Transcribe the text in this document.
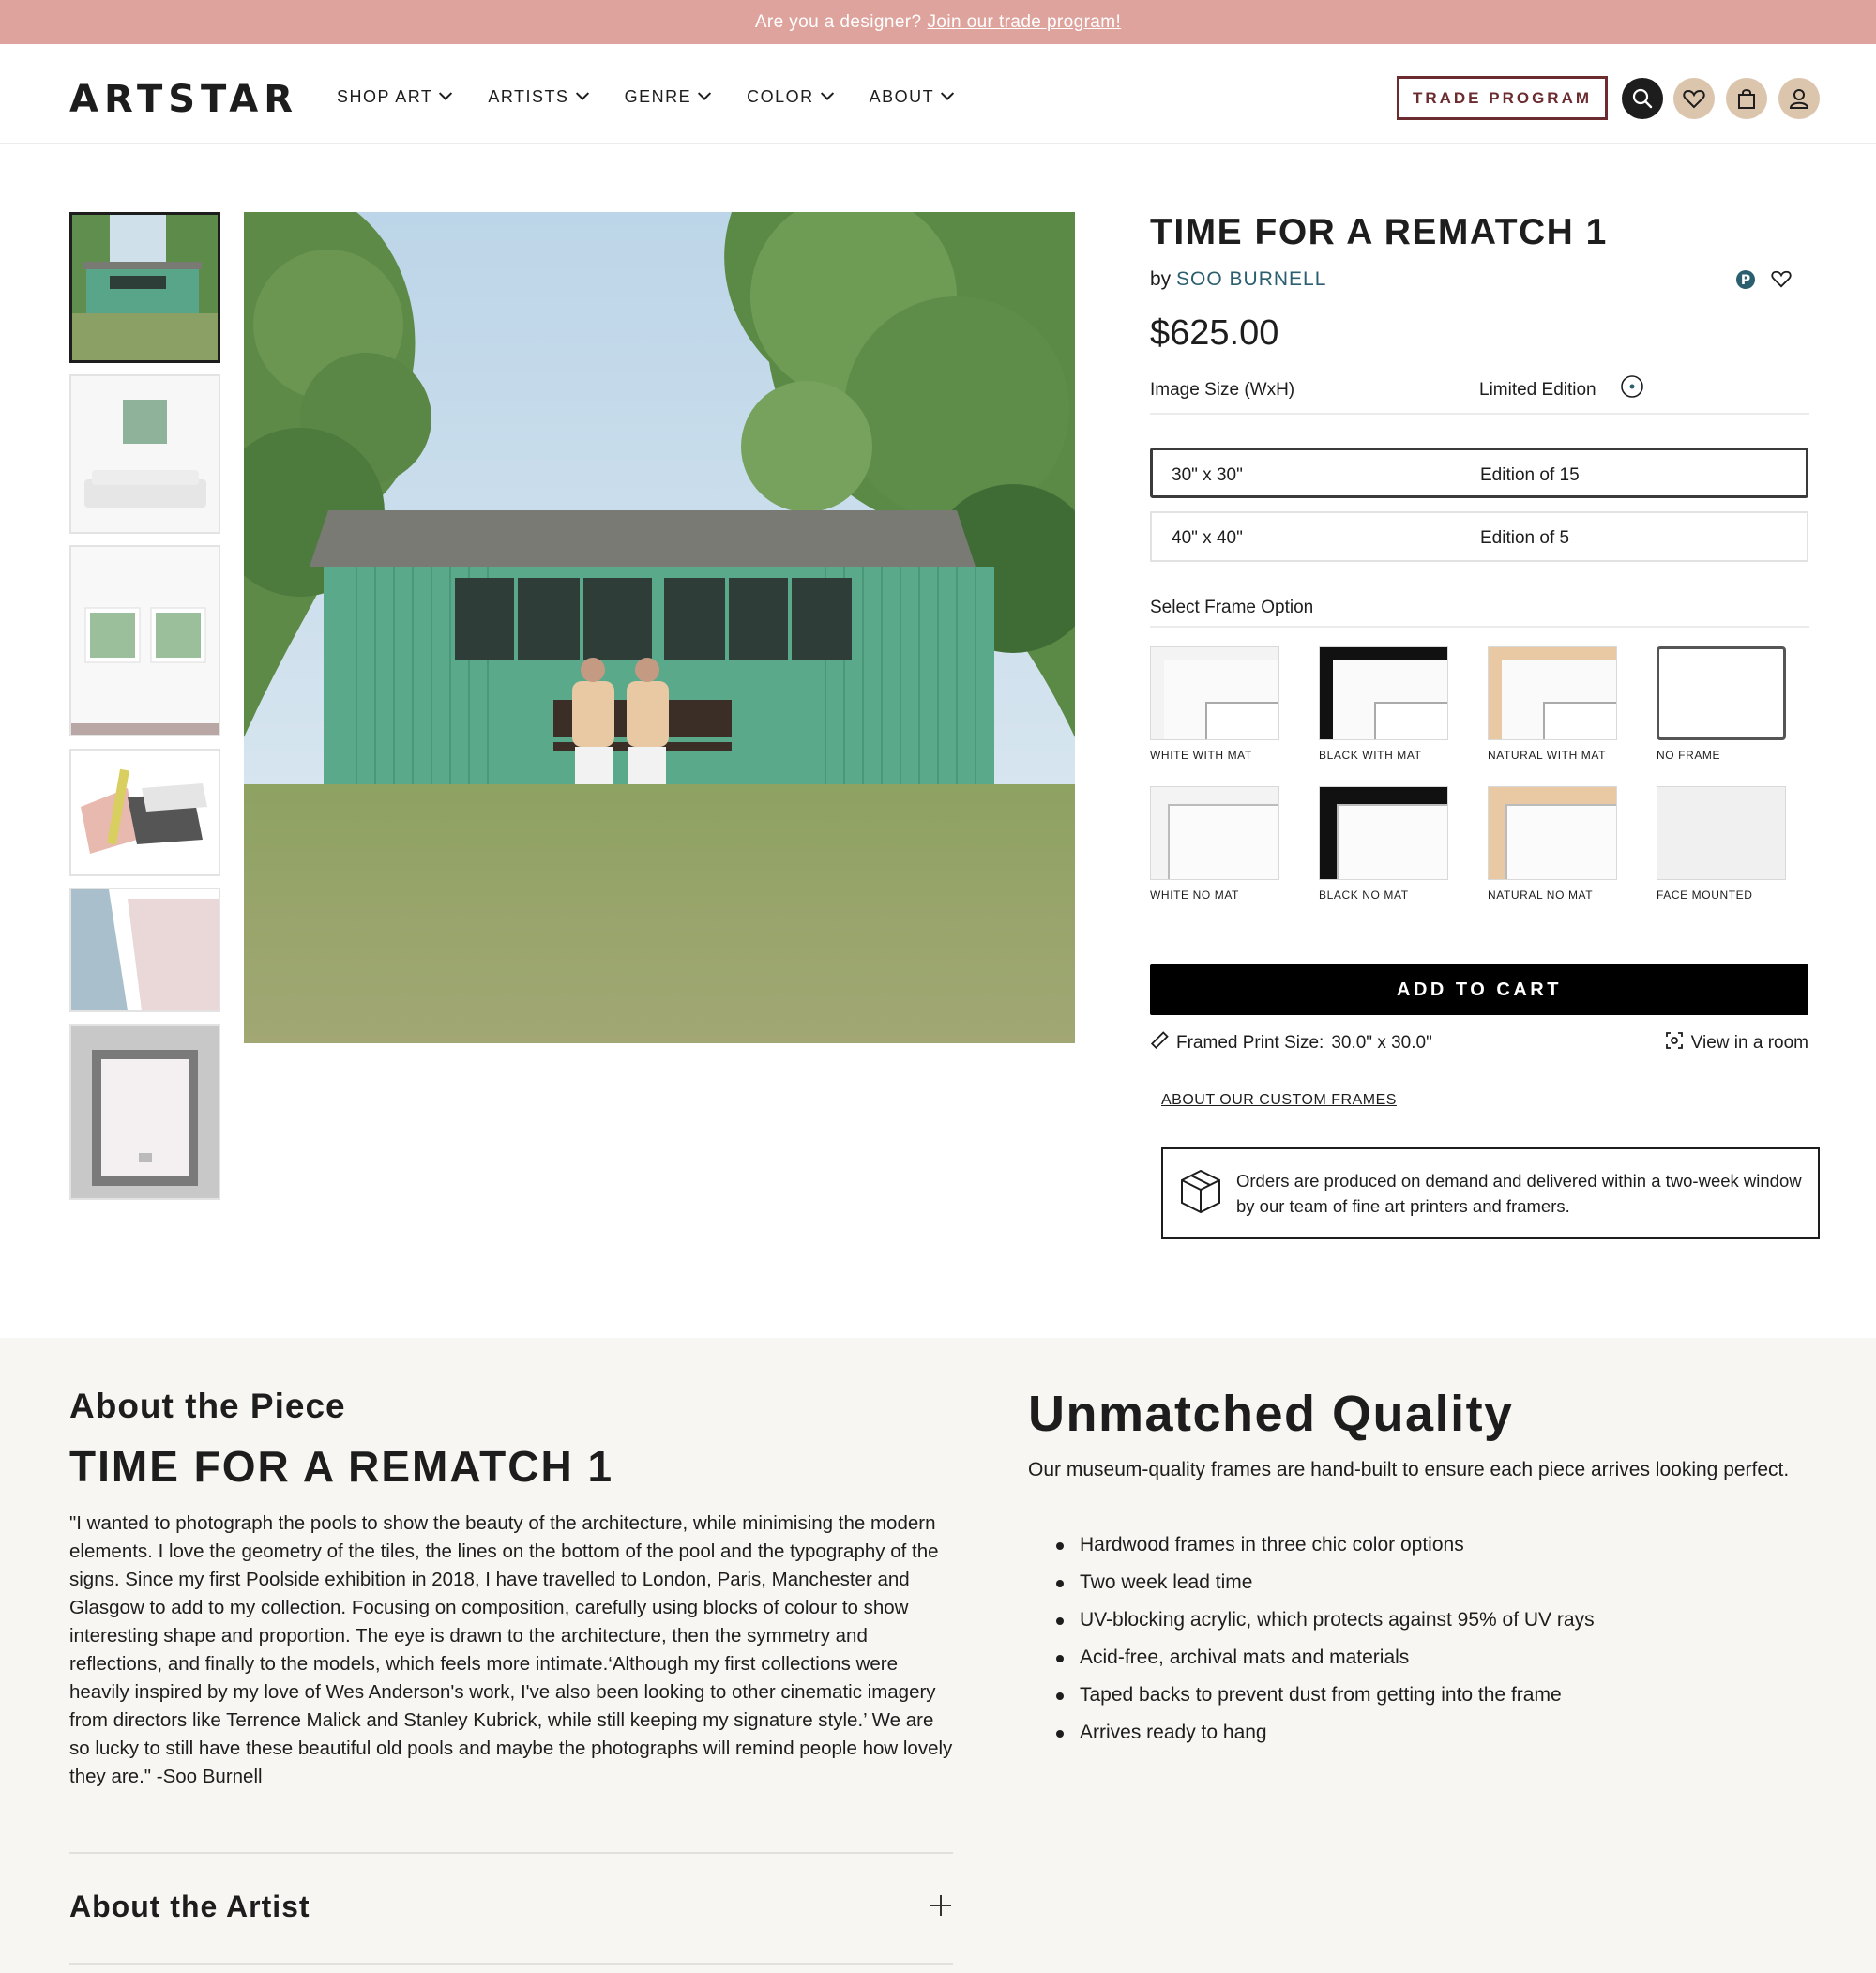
Are you a designer? Join our trade program!
ARTSTAR SHOP ART	ARTISTS	GENRE	COLOR	ABOUT	TRADE PROGRAM
TIME FOR A REMATCH 1
by SOO BURNELL	P
$625.00
Image Size (WxH)	Limited Edition
30" x 30"	Edition of 15
40" x 40"	Edition of 5
Select Frame Option
WHITE WITH MAT	BLACK WITH MAT	NATURAL WITH MAT	NO FRAME
WHITE NO MAT	BLACK NO MAT	NATURAL NO MAT	FACE MOUNTED
ADD TO CART
Framed Print Size: 30.0" x 30.0"	View in a room
ABOUT OUR CUSTOM FRAMES
Orders are produced on demand and delivered within a two-week window by our team of fine art printers and framers.
About the Piece
TIME FOR A REMATCH 1
"I wanted to photograph the pools to show the beauty of the architecture, while minimising the modern elements. I love the geometry of the tiles, the lines on the bottom of the pool and the typography of the signs. Since my first Poolside exhibition in 2018, I have travelled to London, Paris, Manchester and Glasgow to add to my collection. Focusing on composition, carefully using blocks of colour to show interesting shape and proportion. The eye is drawn to the architecture, then the symmetry and reflections, and finally to the models, which feels more intimate.‘Although my first collections were heavily inspired by my love of Wes Anderson's work, I've also been looking to other cinematic imagery from directors like Terrence Malick and Stanley Kubrick, while still keeping my signature style.’ We are so lucky to still have these beautiful old pools and maybe the photographs will remind people how lovely they are." -Soo Burnell
About the Artist
Unmatched Quality
Our museum-quality frames are hand-built to ensure each piece arrives looking perfect.
Hardwood frames in three chic color options
Two week lead time
UV-blocking acrylic, which protects against 95% of UV rays
Acid-free, archival mats and materials
Taped backs to prevent dust from getting into the frame
Arrives ready to hang
